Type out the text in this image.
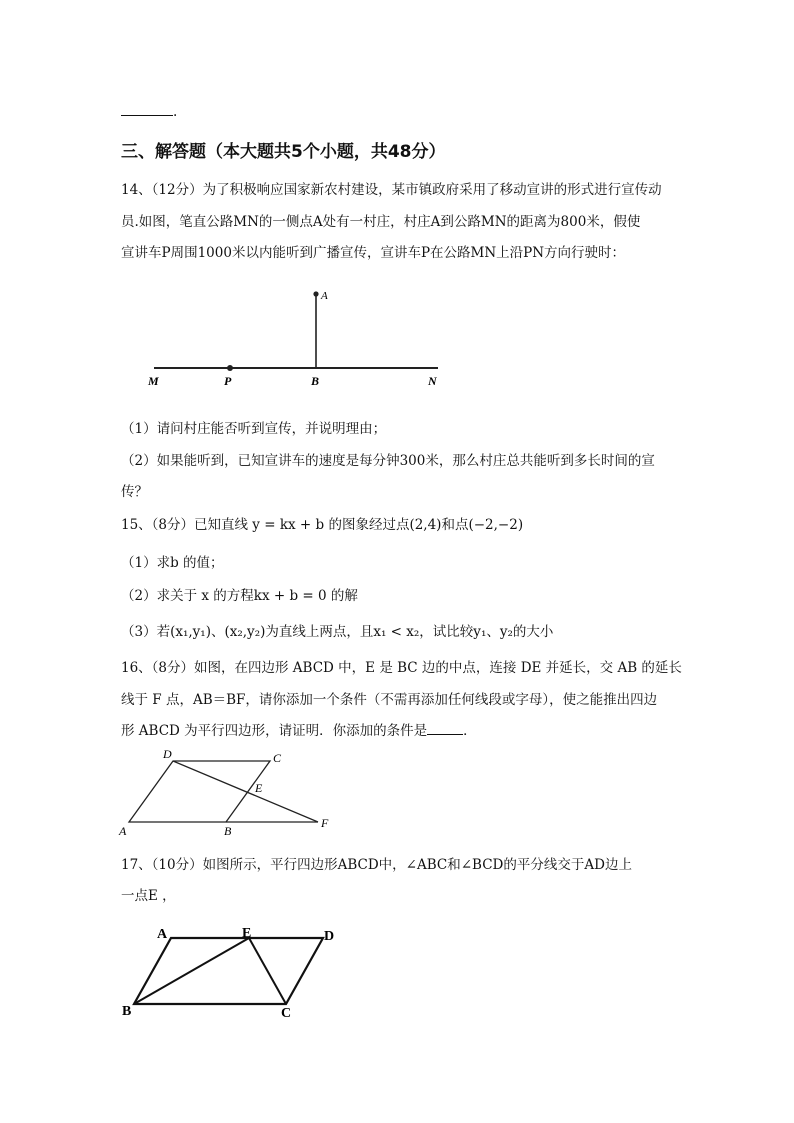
.
三、解答题（本大题共5个小题，共48分）
14、（12分）为了积极响应国家新农村建设，某市镇政府采用了移动宣讲的形式进行宣传动
员.如图，笔直公路MN的一侧点A处有一村庄，村庄A到公路MN的距离为800米，假使
宣讲车P周围1000米以内能听到广播宣传，宣讲车P在公路MN上沿PN方向行驶时：
A
M	P	B	N
（1）请问村庄能否听到宣传，并说明理由；
（2）如果能听到，已知宣讲车的速度是每分钟300米，那么村庄总共能听到多长时间的宣
传？
15、（8分）已知直线 y = kx + b 的图象经过点(2,4)和点(−2,−2)
（1）求b 的值；
（2）求关于 x 的方程kx + b = 0 的解
（3）若(x₁,y₁)、(x₂,y₂)为直线上两点，且x₁ < x₂，试比较y₁、y₂的大小
16、（8分）如图，在四边形 ABCD 中，E 是 BC 边的中点，连接 DE 并延长，交 AB 的延长
线于 F 点，AB＝BF，请你添加一个条件（不需再添加任何线段或字母），使之能推出四边
形 ABCD 为平行四边形，请证明．你添加的条件是	．
D	C
E
A	B
F
17、（10分）如图所示，平行四边形ABCD中，∠ABC和∠BCD的平分线交于AD边上
一点E ，
A	E	D
B	C
